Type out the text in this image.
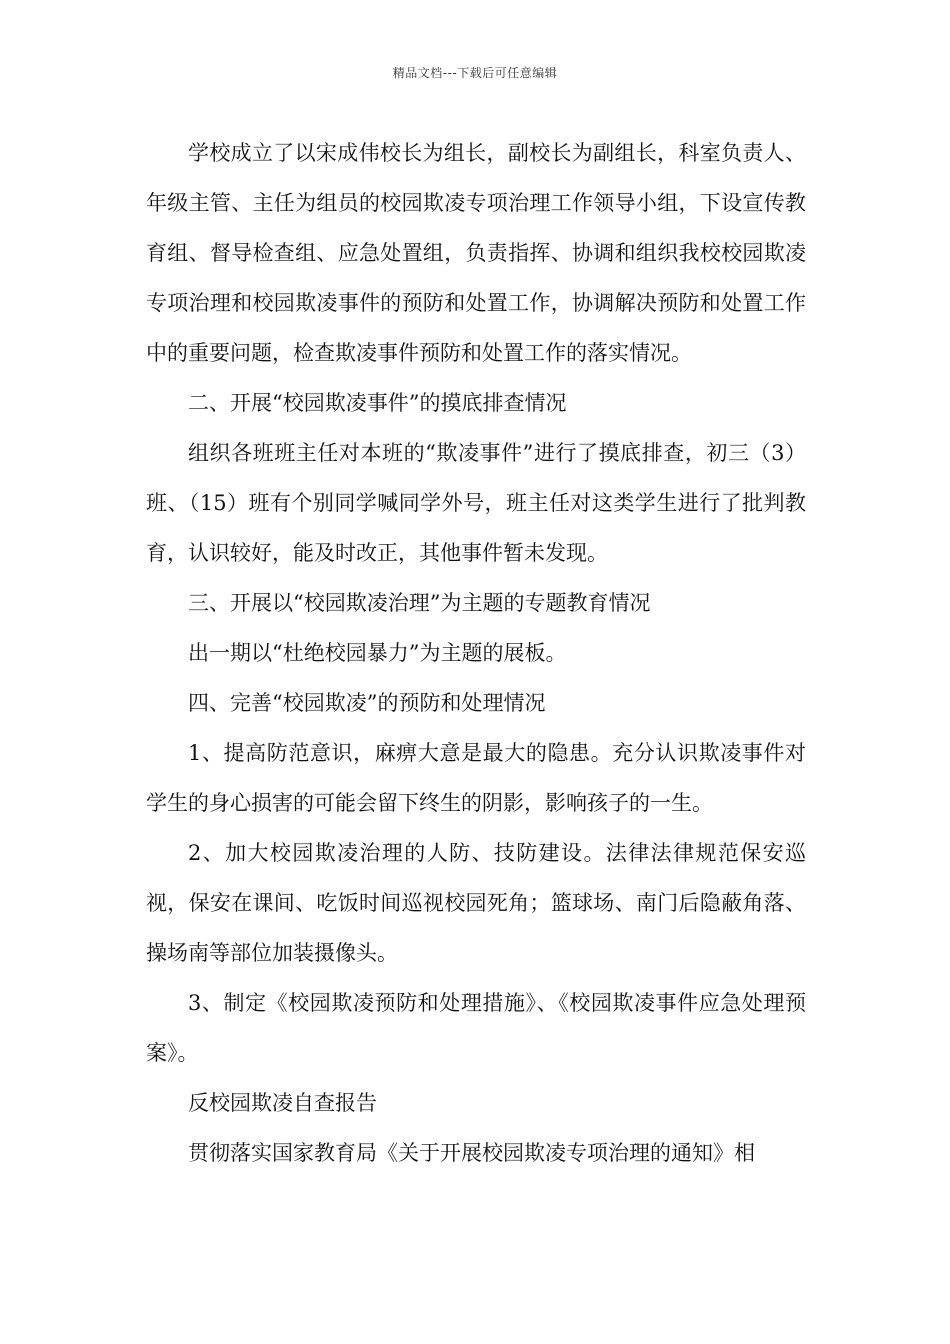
精品文档---下载后可任意编辑

学校成立了以宋成伟校长为组长，副校长为副组长，科室负责人、年级主管、主任为组员的校园欺凌专项治理工作领导小组，下设宣传教育组、督导检查组、应急处置组，负责指挥、协调和组织我校校园欺凌专项治理和校园欺凌事件的预防和处置工作，协调解决预防和处置工作中的重要问题，检查欺凌事件预防和处置工作的落实情况。

二、开展“校园欺凌事件”的摸底排查情况

组织各班班主任对本班的“欺凌事件”进行了摸底排查，初三（3）班、（15）班有个别同学喊同学外号，班主任对这类学生进行了批判教育，认识较好，能及时改正，其他事件暂未发现。

三、开展以“校园欺凌治理”为主题的专题教育情况

出一期以“杜绝校园暴力”为主题的展板。

四、完善“校园欺凌”的预防和处理情况

1、提高防范意识，麻痹大意是最大的隐患。充分认识欺凌事件对学生的身心损害的可能会留下终生的阴影，影响孩子的一生。

2、加大校园欺凌治理的人防、技防建设。法律法律规范保安巡视，保安在课间、吃饭时间巡视校园死角；篮球场、南门后隐蔽角落、操场南等部位加装摄像头。

3、制定《校园欺凌预防和处理措施》、《校园欺凌事件应急处理预案》。

反校园欺凌自查报告

贯彻落实国家教育局《关于开展校园欺凌专项治理的通知》相
